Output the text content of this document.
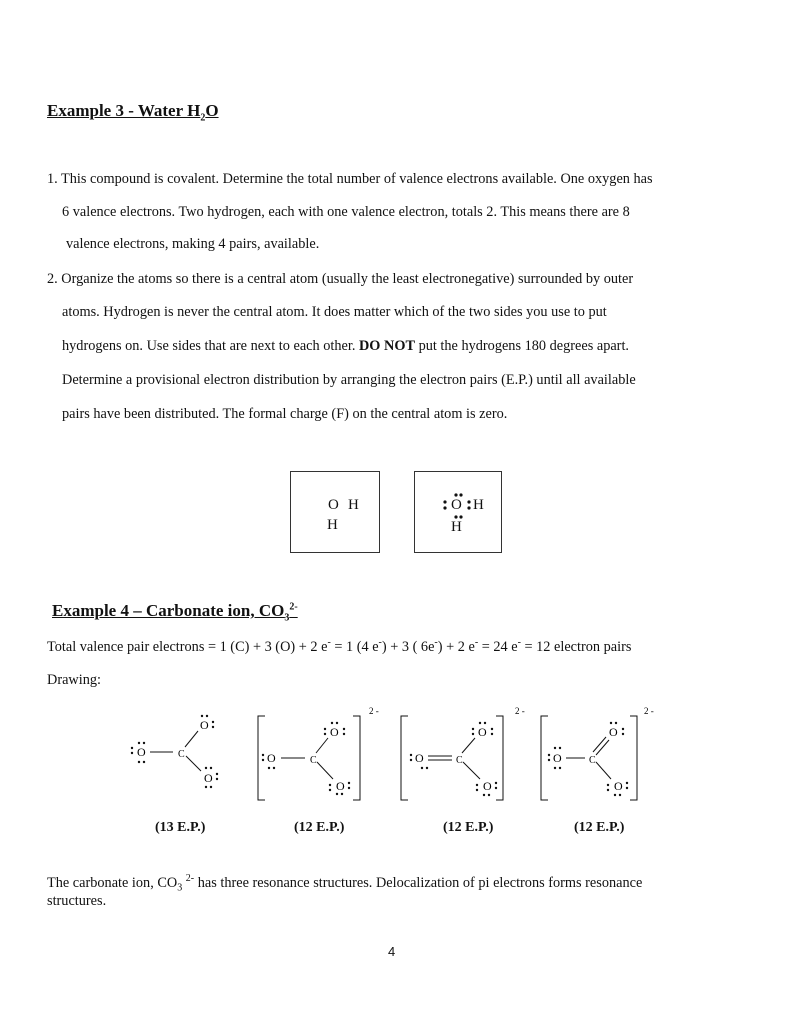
Example 3 - Water $H_2O$
1. This compound is covalent. Determine the total number of valence electrons available. One oxygen has
6 valence electrons. Two hydrogen, each with one valence electron, totals 2. This means there are 8
valence electrons, making 4 pairs, available.
2. Organize the atoms so there is a central atom (usually the least electronegative) surrounded by outer
atoms. Hydrogen is never the central atom. It does matter which of the two sides you use to put
hydrogens on. Use sides that are next to each other. DO NOT put the hydrogens 180 degrees apart.
Determine a provisional electron distribution by arranging the electron pairs (E.P.) until all available
pairs have been distributed. The formal charge (F) on the central atom is zero.
O H
H
O H
H
Example 4 – Carbonate ion, $CO_3^{2-}$
Total valence pair electrons = 1 (C) + 3 (O) + 2 e- = 1 (4 e-) + 3 ( 6e-) + 2 e- = 24 e- = 12 electron pairs
Drawing:
O
C
O
O
2 -
O
C
O
O
2 -
O
C
O
O
2 -
O
C
O
O
(13 E.P.)	(12 E.P.)	(12 E.P.)	(12 E.P.)
The carbonate ion, $CO_3$ $^{2-}$ has three resonance structures. Delocalization of pi electrons forms resonance
structures.
4
